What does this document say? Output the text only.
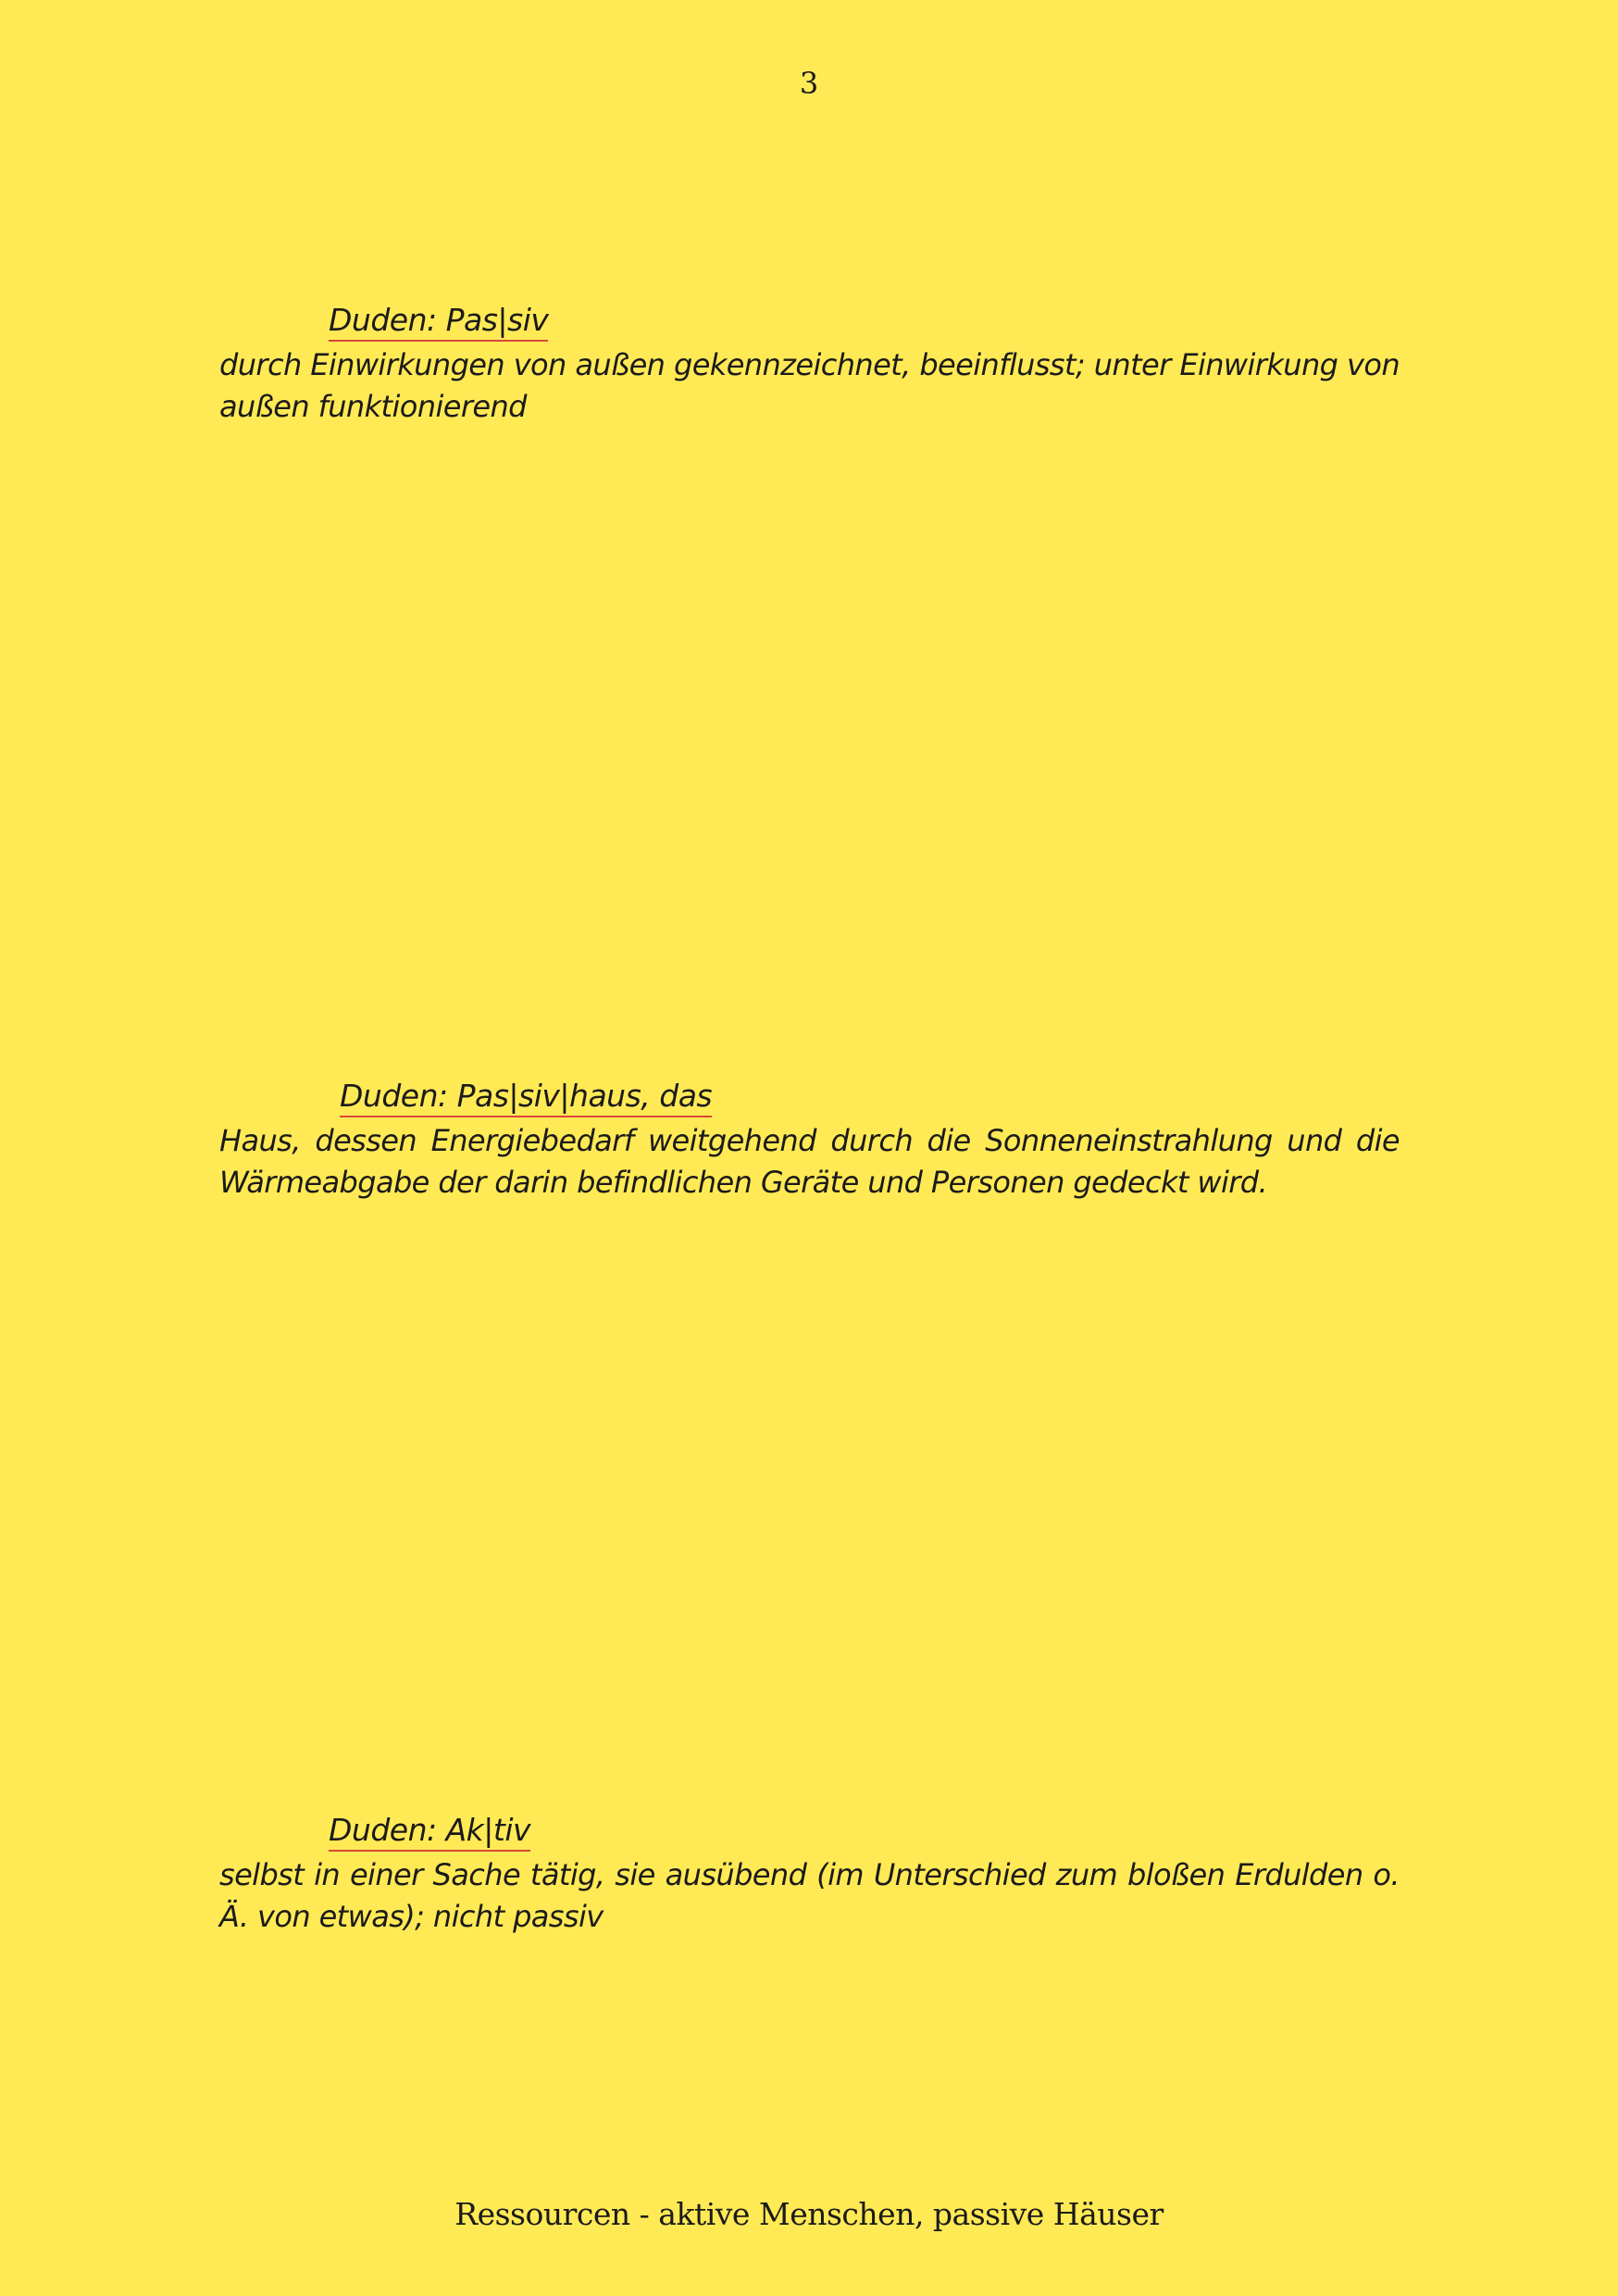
3
Duden: Pas|siv

durch Einwirkungen von außen gekennzeichnet, beeinflusst; unter Einwirkung von außen funktionierend

Duden: Pas|siv|haus, das

Haus, dessen Energiebedarf weitgehend durch die Sonneneinstrahlung und die Wärmeabgabe der darin befindlichen Geräte und Personen gedeckt wird.

Duden: Ak|tiv

selbst in einer Sache tätig, sie ausübend (im Unterschied zum bloßen Erdulden o. Ä. von etwas); nicht passiv

Ressourcen - aktive Menschen, passive Häuser
